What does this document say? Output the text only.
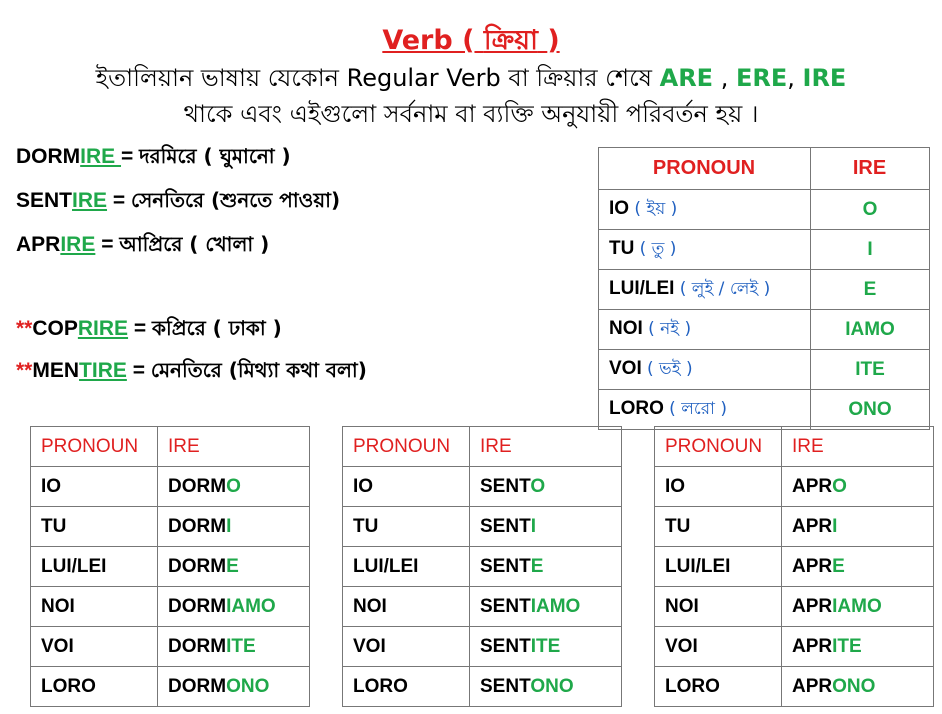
Verb ( ক্রিয়া )
ইতালিয়ান ভাষায় যেকোন Regular Verb বা ক্রিয়ার শেষে ARE , ERE, IRE
থাকে এবং এইগুলো সর্বনাম বা ব্যক্তি অনুযায়ী পরিবর্তন হয় ।
DORMIRE = দরমিরে ( ঘুমানো )
SENTIRE = সেনতিরে (শুনতে পাওয়া)
APRIRE = আপ্রিরে ( খোলা )
**COPRIRE = কপ্রিরে ( ঢাকা )
**MENTIRE = মেনতিরে (মিথ্যা কথা বলা)
PRONOUN	IRE
IO ( ইয় )	O
TU ( তু )	I
LUI/LEI ( লুই / লেই )	E
NOI ( নই )	IAMO
VOI ( ভই )	ITE
LORO ( লরো )	ONO
PRONOUN	IRE
IO	DORMO
TU	DORMI
LUI/LEI	DORME
NOI	DORMIAMO
VOI	DORMITE
LORO	DORMONO
PRONOUN	IRE
IO	SENTO
TU	SENTI
LUI/LEI	SENTE
NOI	SENTIAMO
VOI	SENTITE
LORO	SENTONO
PRONOUN	IRE
IO	APRO
TU	APRI
LUI/LEI	APRE
NOI	APRIAMO
VOI	APRITE
LORO	APRONO
